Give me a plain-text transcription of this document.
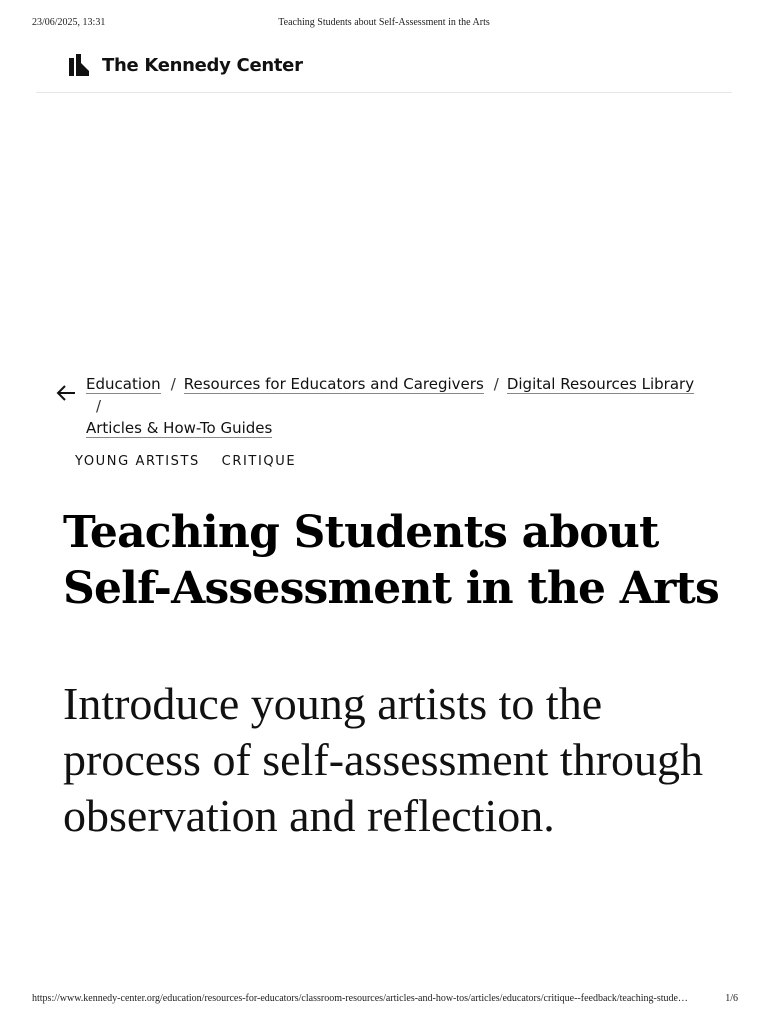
23/06/2025, 13:31	Teaching Students about Self-Assessment in the Arts
The Kennedy Center
Education / Resources for Educators and Caregivers / Digital Resources Library/
Articles & How-To Guides
YOUNG ARTISTS CRITIQUE
Teaching Students about Self-Assessment in the Arts
Introduce young artists to the process of self-assessment through observation and reflection.
https://www.kennedy-center.org/education/resources-for-educators/classroom-resources/articles-and-how-tos/articles/educators/critique--feedback/teaching-stude…	1/6
